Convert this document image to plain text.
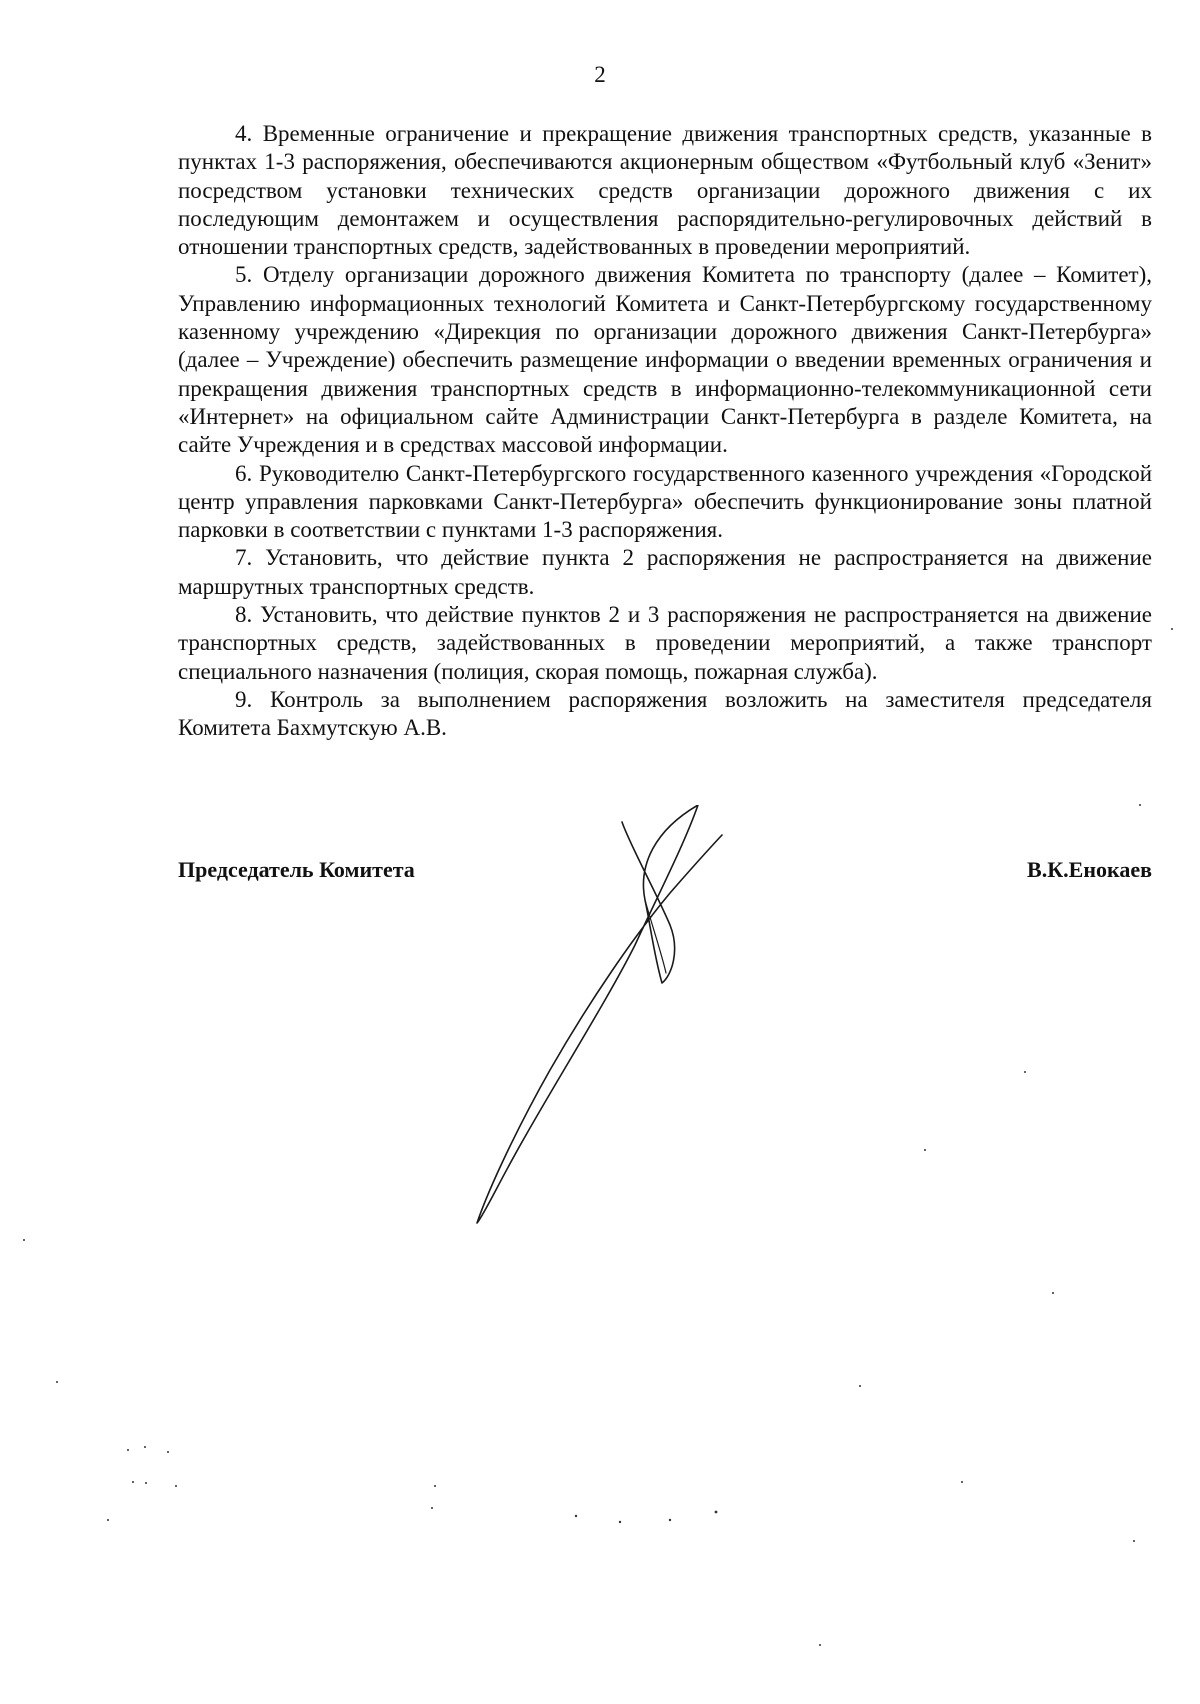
2

4. Временные ограничение и прекращение движения транспортных средств, указанные в пунктах 1-3 распоряжения, обеспечиваются акционерным обществом «Футбольный клуб «Зенит» посредством установки технических средств организации дорожного движения с их последующим демонтажем и осуществления распорядительно-регулировочных действий в отношении транспортных средств, задействованных в проведении мероприятий.

5. Отделу организации дорожного движения Комитета по транспорту (далее – Комитет), Управлению информационных технологий Комитета и Санкт-Петербургскому государственному казенному учреждению «Дирекция по организации дорожного движения Санкт-Петербурга» (далее – Учреждение) обеспечить размещение информации о введении временных ограничения и прекращения движения транспортных средств в информационно-телекоммуникационной сети «Интернет» на официальном сайте Администрации Санкт-Петербурга в разделе Комитета, на сайте Учреждения и в средствах массовой информации.

6. Руководителю Санкт-Петербургского государственного казенного учреждения «Городской центр управления парковками Санкт-Петербурга» обеспечить функционирование зоны платной парковки в соответствии с пунктами 1-3 распоряжения.

7. Установить, что действие пункта 2 распоряжения не распространяется на движение маршрутных транспортных средств.

8. Установить, что действие пунктов 2 и 3 распоряжения не распространяется на движение транспортных средств, задействованных в проведении мероприятий, а также транспорт специального назначения (полиция, скорая помощь, пожарная служба).

9. Контроль за выполнением распоряжения возложить на заместителя председателя Комитета Бахмутскую А.В.

Председатель Комитета	В.К.Енокаев
